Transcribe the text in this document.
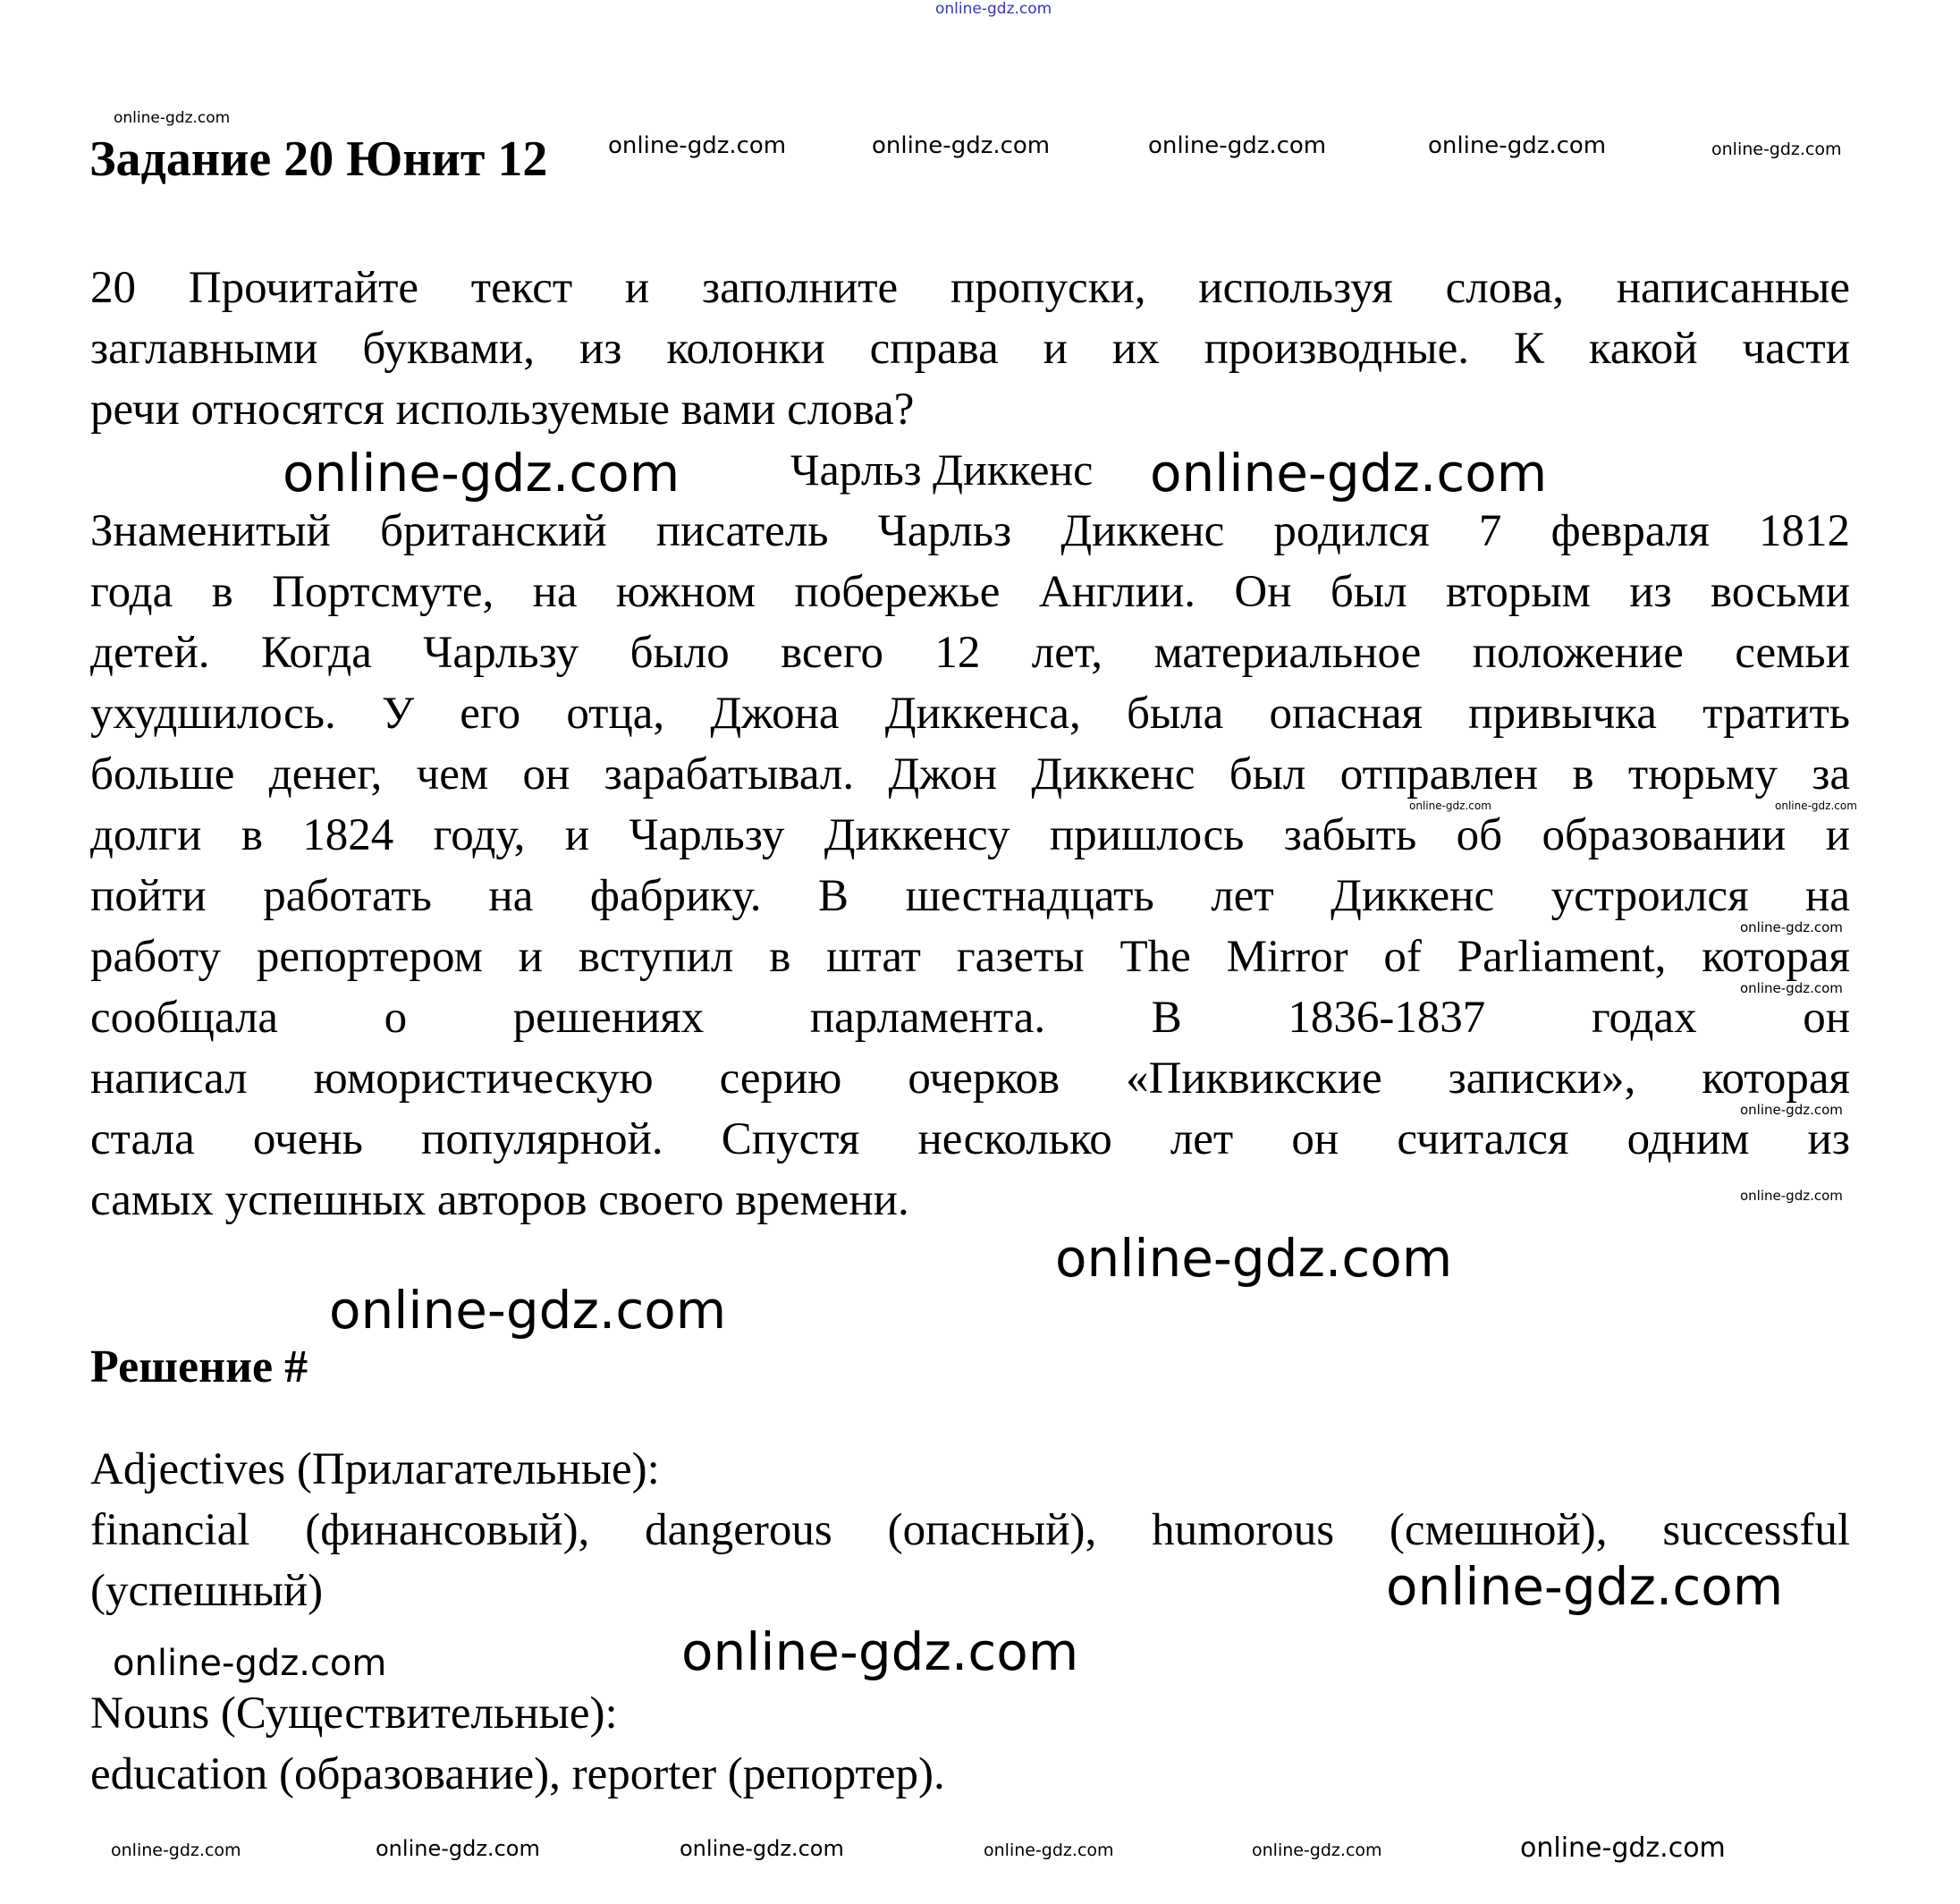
online-gdz.com
Задание 20 Юнит 12
20 Прочитайте текст и заполните пропуски, используя слова, написанные
заглавными буквами, из колонки справа и их производные. К какой части
речи относятся используемые вами слова?
Чарльз Диккенс
Знаменитый британский писатель Чарльз Диккенс родился 7 февраля 1812
года в Портсмуте, на южном побережье Англии. Он был вторым из восьми
детей. Когда Чарльзу было всего 12 лет, материальное положение семьи
ухудшилось. У его отца, Джона Диккенса, была опасная привычка тратить
больше денег, чем он зарабатывал. Джон Диккенс был отправлен в тюрьму за
долги в 1824 году, и Чарльзу Диккенсу пришлось забыть об образовании и
пойти работать на фабрику. В шестнадцать лет Диккенс устроился на
работу репортером и вступил в штат газеты The Mirror of Parliament, которая
сообщала о решениях парламента. В 1836-1837 годах он
написал юмористическую серию очерков «Пиквикские записки», которая
стала очень популярной. Спустя несколько лет он считался одним из
самых успешных авторов своего времени.
Решение #
Adjectives (Прилагательные):
financial (финансовый), dangerous (опасный), humorous (смешной), successful
(успешный)
Nouns (Существительные):
education (образование), reporter (репортер).
online-gdz.com
online-gdz.com	online-gdz.com	online-gdz.com	online-gdz.com	online-gdz.com
online-gdz.com	online-gdz.com
online-gdz.com	online-gdz.com
online-gdz.com
online-gdz.com
online-gdz.com
online-gdz.com
online-gdz.com
online-gdz.com
online-gdz.com
online-gdz.com	online-gdz.com
online-gdz.com	online-gdz.com	online-gdz.com	online-gdz.com	online-gdz.com	online-gdz.com
